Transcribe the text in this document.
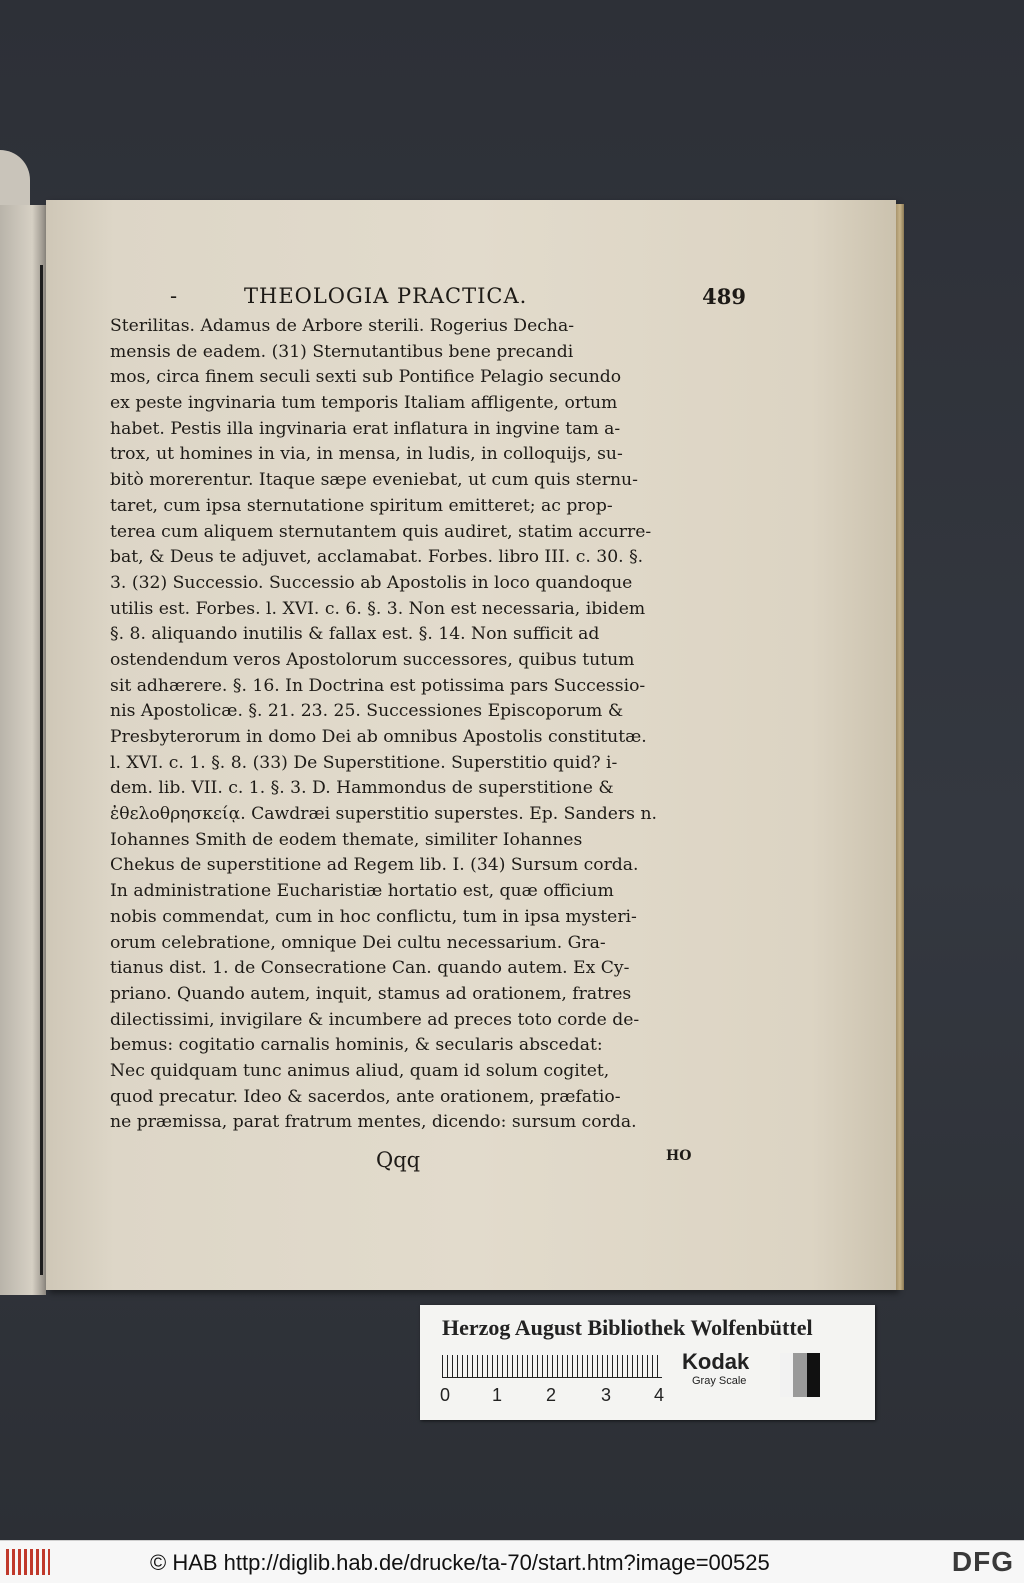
-	THEOLOGIA PRACTICA.	489
Sterilitas. Adamus de Arbore sterili. Rogerius Decha-
mensis de eadem. (31) Sternutantibus bene precandi
mos, circa finem seculi sexti sub Pontifice Pelagio secundo
ex peste ingvinaria tum temporis Italiam affligente, ortum
habet. Pestis illa ingvinaria erat inflatura in ingvine tam a-
trox, ut homines in via, in mensa, in ludis, in colloquijs, su-
bitò morerentur. Itaque sæpe eveniebat, ut cum quis sternu-
taret, cum ipsa sternutatione spiritum emitteret; ac prop-
terea cum aliquem sternutantem quis audiret, statim accurre-
bat, & Deus te adjuvet, acclamabat. Forbes. libro III. c. 30. §.
3. (32) Successio. Successio ab Apostolis in loco quandoque
utilis est. Forbes. l. XVI. c. 6. §. 3. Non est necessaria, ibidem
§. 8. aliquando inutilis & fallax est. §. 14. Non sufficit ad
ostendendum veros Apostolorum successores, quibus tutum
sit adhærere. §. 16. In Doctrina est potissima pars Successio-
nis Apostolicæ. §. 21. 23. 25. Successiones Episcoporum &
Presbyterorum in domo Dei ab omnibus Apostolis constitutæ.
l. XVI. c. 1. §. 8. (33) De Superstitione. Superstitio quid? i-
dem. lib. VII. c. 1. §. 3. D. Hammondus de superstitione &
ἐθελοθρησκείᾳ. Cawdræi superstitio superstes. Ep. Sanders n.
Iohannes Smith de eodem themate, similiter Iohannes
Chekus de superstitione ad Regem lib. I. (34) Sursum corda.
In administratione Eucharistiæ hortatio est, quæ officium
nobis commendat, cum in hoc conflictu, tum in ipsa mysteri-
orum celebratione, omnique Dei cultu necessarium. Gra-
tianus dist. 1. de Consecratione Can. quando autem. Ex Cy-
priano. Quando autem, inquit, stamus ad orationem, fratres
dilectissimi, invigilare & incumbere ad preces toto corde de-
bemus: cogitatio carnalis hominis, & secularis abscedat:
Nec quidquam tunc animus aliud, quam id solum cogitet,
quod precatur. Ideo & sacerdos, ante orationem, præfatio-
ne præmissa, parat fratrum mentes, dicendo: sursum corda.
Qqq	HO
Herzog August Bibliothek Wolfenbüttel
0 1 2 3 4
Kodak
Gray Scale
© HAB http://diglib.hab.de/drucke/ta-70/start.htm?image=00525	DFG
